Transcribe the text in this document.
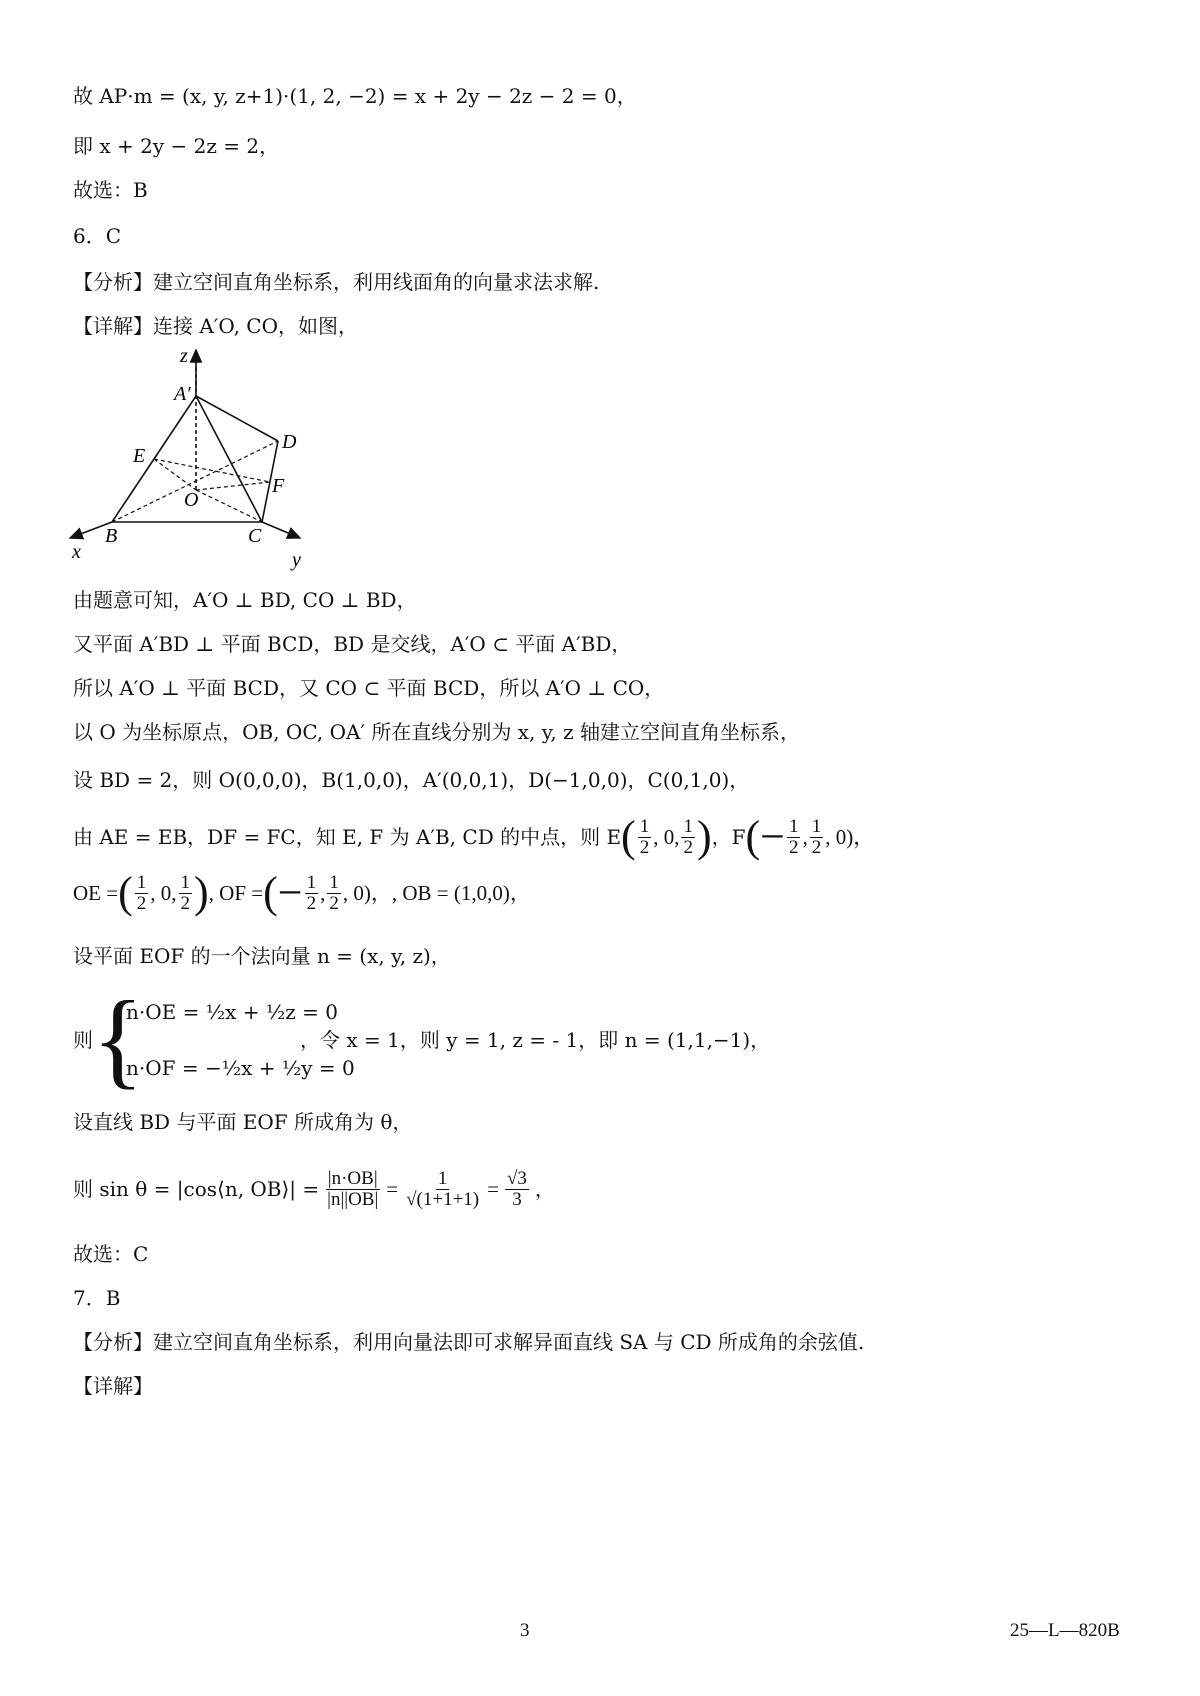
故 AP·m = (x, y, z+1)·(1, 2, −2) = x + 2y − 2z − 2 = 0，
即 x + 2y − 2z = 2，
故选：B
6．C
【分析】建立空间直角坐标系，利用线面角的向量求法求解.
【详解】连接 A′O, CO，如图，
z
A′
D
E
F
O
B	C
x	y
由题意可知，A′O ⊥ BD, CO ⊥ BD，
又平面 A′BD ⊥ 平面 BCD，BD 是交线，A′O ⊂ 平面 A′BD，
所以 A′O ⊥ 平面 BCD，又 CO ⊂ 平面 BCD，所以 A′O ⊥ CO，
以 O 为坐标原点，OB, OC, OA′ 所在直线分别为 x, y, z 轴建立空间直角坐标系，
设 BD = 2，则 O(0,0,0)，B(1,0,0)，A′(0,0,1)，D(−1,0,0)，C(0,1,0)，
由 AE = EB，DF = FC，知 E, F 为 A′B, CD 的中点，则 E ( $\frac{1}{2}$ , 0, $\frac{1}{2}$ ) ，F (− $\frac{1}{2}$ , $\frac{1}{2}$ , 0)，
OE = ( $\frac{1}{2}$ , 0, $\frac{1}{2}$ ) , OF = (− $\frac{1}{2}$ , $\frac{1}{2}$ , 0)， , OB = (1,0,0)，
设平面 EOF 的一个法向量 n = (x, y, z)，
则 {
n·OE = ½x + ½z = 0
n·OF = −½x + ½y = 0
，令 x = 1，则 y = 1, z = - 1，即 n = (1,1,−1)，
设直线 BD 与平面 EOF 所成角为 θ，
则 sin θ = |cos⟨n, OB⟩| = $\frac{|n\cdot OB|}{|n||OB|} = \frac{1}{√(1+1+1)} = \frac{√3}{3}$ ，
故选：C
7．B
【分析】建立空间直角坐标系，利用向量法即可求解异面直线 SA 与 CD 所成角的余弦值.
【详解】
3	25—L—820B
